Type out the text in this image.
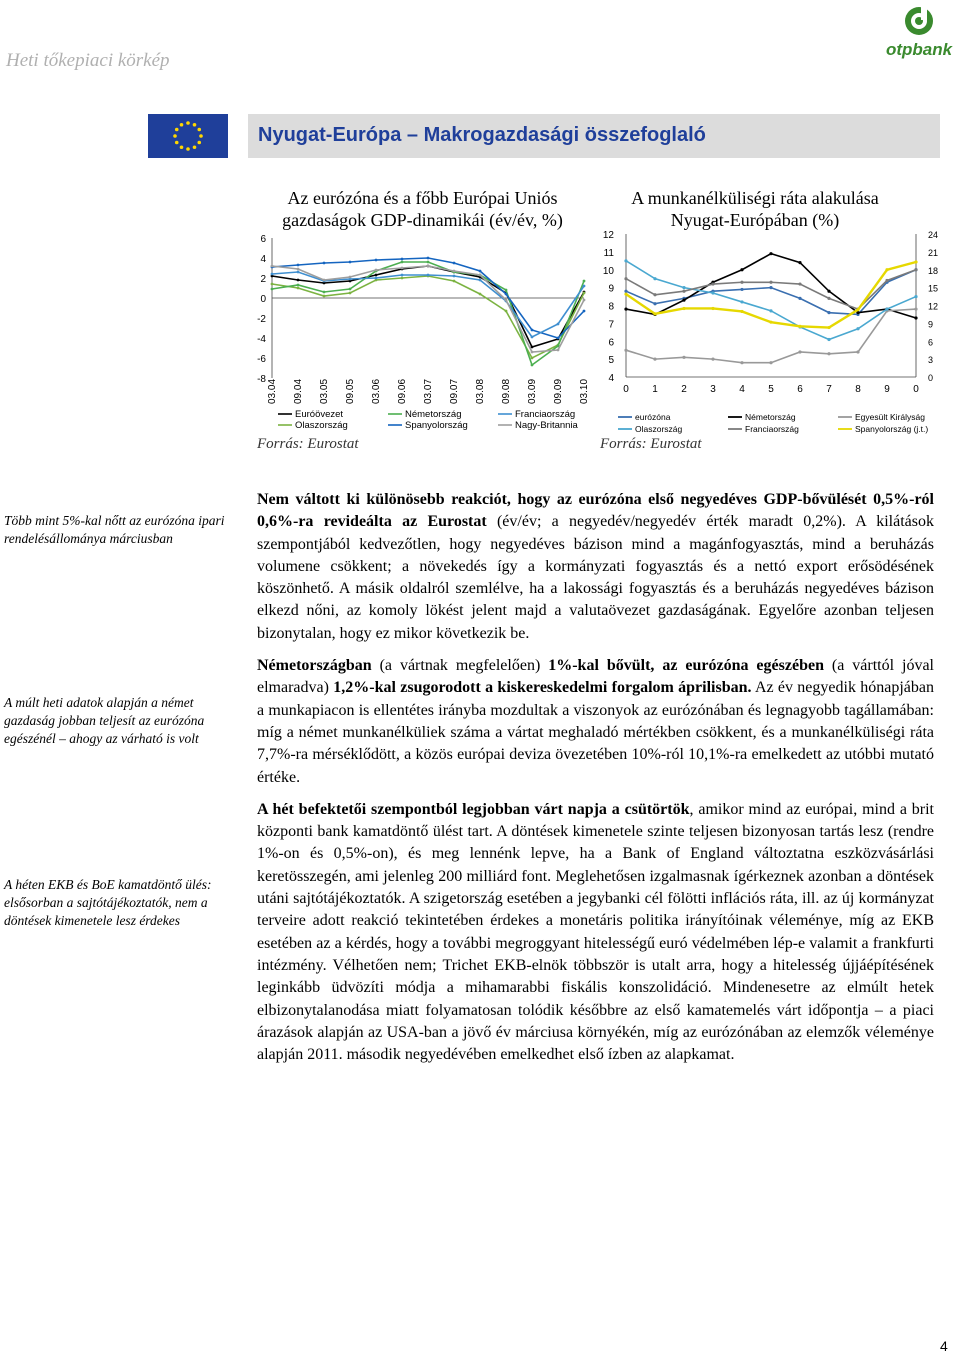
Heti tőkepiaci körkép
otpbank
Nyugat-Európa – Makrogazdasági összefoglaló
Az eurózóna és a főbb Európai Uniós gazdaságok GDP-dinamikái (év/év, %)
6
4
2
0
-2
-4
-6
-8 03.04 09.04 03.05 09.05 03.06 09.06 03.07 09.07 03.08 09.08 03.09 09.09 03.10
Euróövezet
Olaszország
Németország
Spanyolország
Franciaország
Nagy-Britannia
Forrás: Eurostat
A munkanélküliségi ráta alakulása Nyugat-Európában (%)
12
11
10
9
8
7
6
5
4
24
21
18
15
12
9
6
3
0
0 1 2 3 4 5 6 7 8 9 0
eurózóna	Németország	Egyesült Királyság
Olaszország	Franciaország	Spanyolország (j.t.)
Forrás: Eurostat
Több mint 5%-kal nőtt az eurózóna ipari rendelésállománya márciusban
A múlt heti adatok alapján a német gazdaság jobban teljesít az eurózóna egészénél – ahogy az várható is volt
A héten EKB és BoE kamatdöntő ülés: elsősorban a sajtótájékoztatók, nem a döntések kimenetele lesz érdekes

Nem váltott ki különösebb reakciót, hogy az eurózóna első negyedéves GDP-bővülését 0,5%-ról 0,6%-ra revideálta az Eurostat (év/év; a negyedév/negyedév érték maradt 0,2%). A kilátások szempontjából kedvezőtlen, hogy negyedéves bázison mind a magánfogyasztás, mind a beruházás volumene csökkent; a növekedés így a kormányzati fogyasztás és a nettó export erősödésének köszönhető. A másik oldalról szemlélve, ha a lakossági fogyasztás és a beruházás negyedéves bázison elkezd nőni, az komoly lökést jelent majd a valutaövezet gazdaságának. Egyelőre azonban teljesen bizonytalan, hogy ez mikor következik be.

Németországban (a vártnak megfelelően) 1%-kal bővült, az eurózóna egészében (a várttól jóval elmaradva) 1,2%-kal zsugorodott a kiskereskedelmi forgalom áprilisban. Az év negyedik hónapjában a munkapiacon is ellentétes irányba mozdultak a viszonyok az eurózónában és legnagyobb tagállamában: míg a német munkanélküliek száma a vártat meghaladó mértékben csökkent, és a munkanélküliségi ráta 7,7%-ra mérséklődött, a közös európai deviza övezetében 10%-ról 10,1%-ra emelkedett az utóbbi mutató értéke.

A hét befektetői szempontból legjobban várt napja a csütörtök, amikor mind az európai, mind a brit központi bank kamatdöntő ülést tart. A döntések kimenetele szinte teljesen bizonyosan tartás lesz (rendre 1%-on és 0,5%-on), és meg lennénk lepve, ha a Bank of England változtatna eszközvásárlási keretösszegén, ami jelenleg 200 milliárd font. Meglehetősen izgalmasnak ígérkeznek azonban a döntések utáni sajtótájékoztatók. A szigetország esetében a jegybanki cél fölötti inflációs ráta, ill. az új kormányzat terveire adott reakció tekintetében érdekes a monetáris politika irányítóinak véleménye, míg az EKB esetében az a kérdés, hogy a további megroggyant hitelességű euró védelmében lép-e valamit a frankfurti intézmény. Vélhetően nem; Trichet EKB-elnök többször is utalt arra, hogy a hitelesség újjáépítésének leginkább üdvözíti módja a mihamarabbi fiskális konszolidáció. Mindenesetre az elmúlt hetek elbizonytalanodása miatt folyamatosan tolódik későbbre az első kamatemelés várt időpontja – a piaci árazások alapján az USA-ban a jövő év márciusa környékén, míg az eurózónában az elemzők véleménye alapján 2011. második negyedévében emelkedhet első ízben az alapkamat.

4
